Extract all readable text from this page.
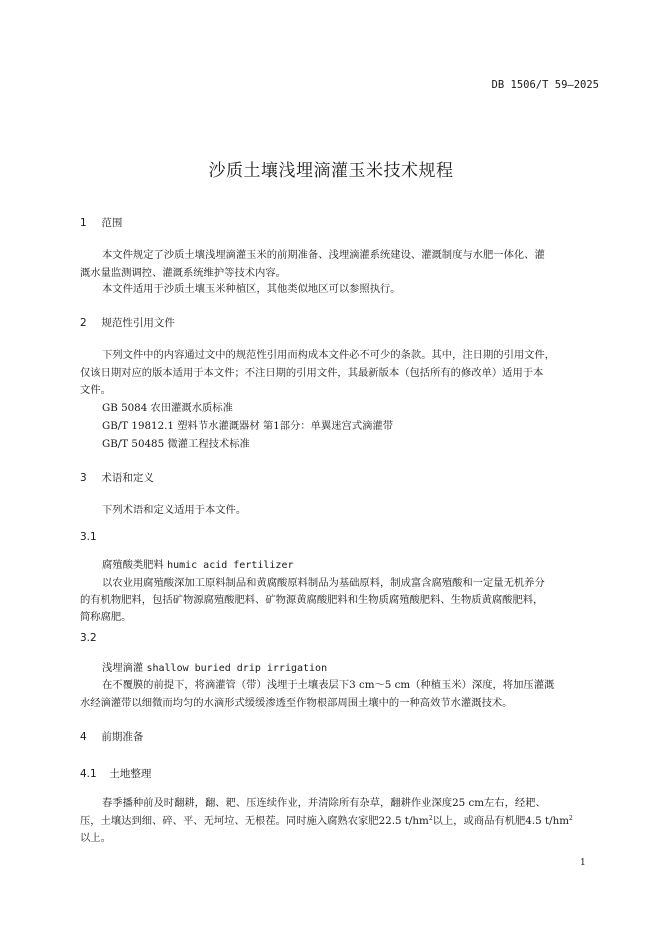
DB 1506/T 59—2025
沙质土壤浅埋滴灌玉米技术规程
1 范围
本文件规定了沙质土壤浅埋滴灌玉米的前期准备、浅埋滴灌系统建设、灌溉制度与水肥一体化、灌
溉水量监测调控、灌溉系统维护等技术内容。
本文件适用于沙质土壤玉米种植区，其他类似地区可以参照执行。
2 规范性引用文件
下列文件中的内容通过文中的规范性引用而构成本文件必不可少的条款。其中，注日期的引用文件，
仅该日期对应的版本适用于本文件；不注日期的引用文件，其最新版本（包括所有的修改单）适用于本
文件。
GB 5084 农田灌溉水质标准
GB/T 19812.1 塑料节水灌溉器材 第1部分：单翼迷宫式滴灌带
GB/T 50485 微灌工程技术标准
3 术语和定义
下列术语和定义适用于本文件。
3.1
腐殖酸类肥料 humic acid fertilizer
以农业用腐殖酸深加工原料制品和黄腐酸原料制品为基础原料，制成富含腐殖酸和一定量无机养分
的有机物肥料，包括矿物源腐殖酸肥料、矿物源黄腐酸肥料和生物质腐殖酸肥料、生物质黄腐酸肥料，
简称腐肥。
3.2
浅埋滴灌 shallow buried drip irrigation
在不覆膜的前提下，将滴灌管（带）浅埋于土壤表层下3 cm～5 cm（种植玉米）深度，将加压灌溉
水经滴灌带以细微而均匀的水滴形式缓缓渗透至作物根部周围土壤中的一种高效节水灌溉技术。
4 前期准备
4.1 土地整理
春季播种前及时翻耕，翻、耙、压连续作业，并清除所有杂草，翻耕作业深度25 cm左右，经耙、
压，土壤达到细、碎、平、无坷垃、无根茬。同时施入腐熟农家肥22.5 $t/hm^2$以上，或商品有机肥4.5 $t/hm^2$
以上。
1
